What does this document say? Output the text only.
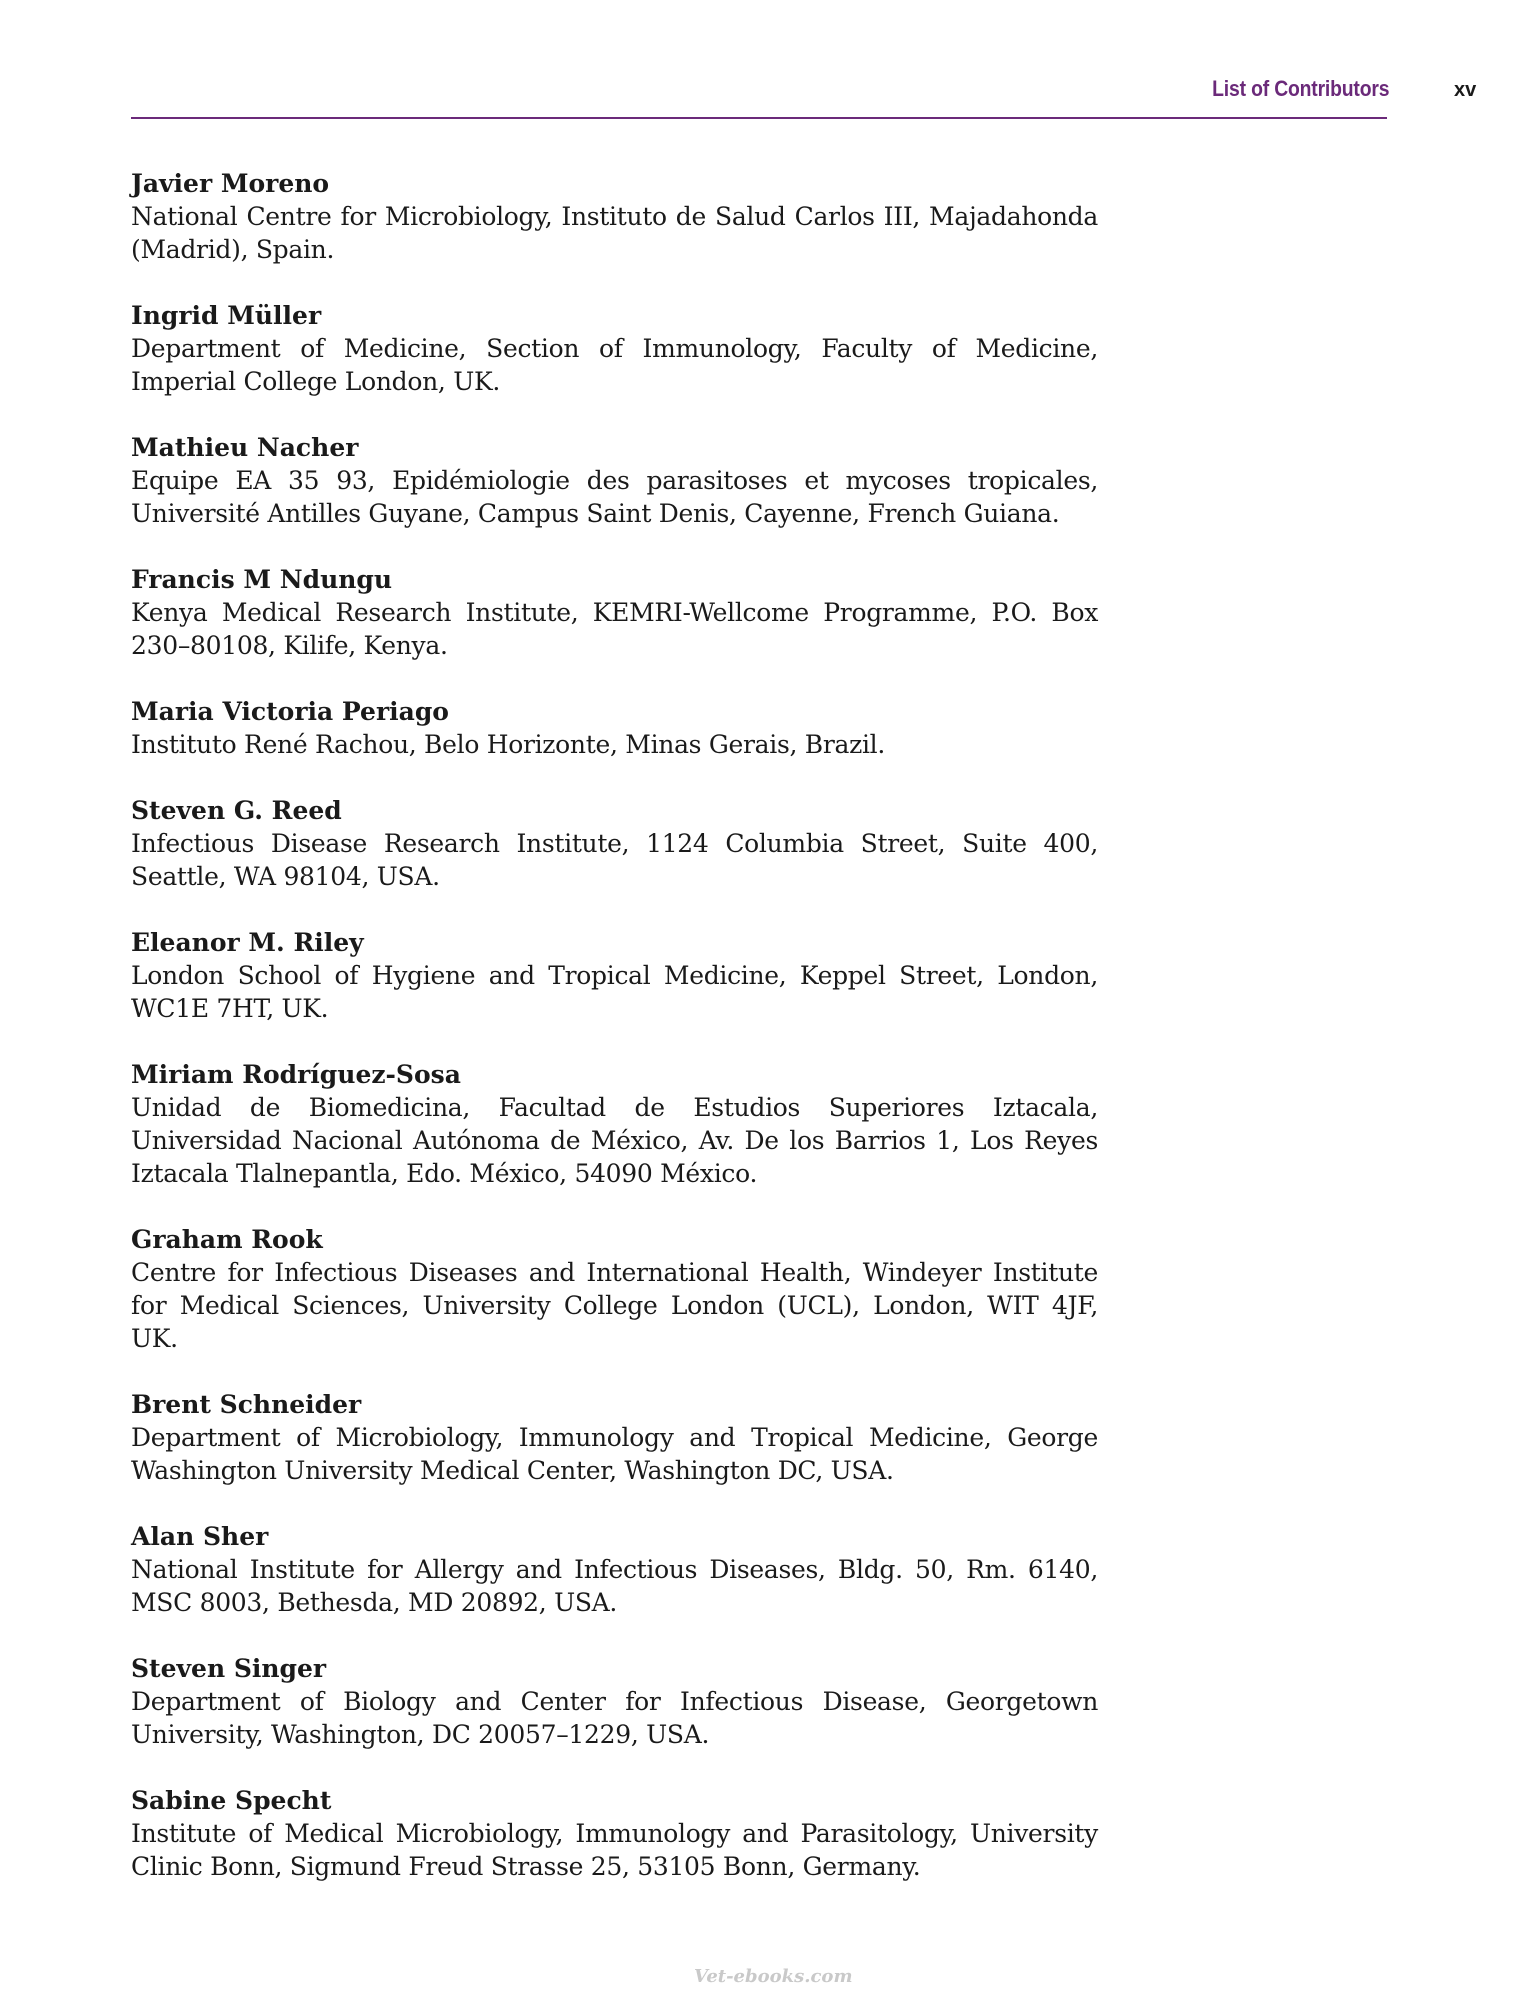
List of Contributors	xv
Javier Moreno
National Centre for Microbiology, Instituto de Salud Carlos III, Majadahonda (Madrid), Spain.
Ingrid Müller
Department of Medicine, Section of Immunology, Faculty of Medicine, Imperial College London, UK.
Mathieu Nacher
Equipe EA 35 93, Epidémiologie des parasitoses et mycoses tropicales, Université Antilles Guyane, Campus Saint Denis, Cayenne, French Guiana.
Francis M Ndungu
Kenya Medical Research Institute, KEMRI-Wellcome Programme, P.O. Box 230–80108, Kilife, Kenya.
Maria Victoria Periago
Instituto René Rachou, Belo Horizonte, Minas Gerais, Brazil.
Steven G. Reed
Infectious Disease Research Institute, 1124 Columbia Street, Suite 400, Seattle, WA 98104, USA.
Eleanor M. Riley
London School of Hygiene and Tropical Medicine, Keppel Street, London, WC1E 7HT, UK.
Miriam Rodríguez-Sosa
Unidad de Biomedicina, Facultad de Estudios Superiores Iztacala, Universidad Nacional Autónoma de México, Av. De los Barrios 1, Los Reyes Iztacala Tlalnepantla, Edo. México, 54090 México.
Graham Rook
Centre for Infectious Diseases and International Health, Windeyer Institute for Medical Sciences, University College London (UCL), London, WIT 4JF, UK.
Brent Schneider
Department of Microbiology, Immunology and Tropical Medicine, George Washington University Medical Center, Washington DC, USA.
Alan Sher
National Institute for Allergy and Infectious Diseases, Bldg. 50, Rm. 6140, MSC 8003, Bethesda, MD 20892, USA.
Steven Singer
Department of Biology and Center for Infectious Disease, Georgetown University, Washington, DC 20057–1229, USA.
Sabine Specht
Institute of Medical Microbiology, Immunology and Parasitology, University Clinic Bonn, Sigmund Freud Strasse 25, 53105 Bonn, Germany.
Vet-ebooks.com
